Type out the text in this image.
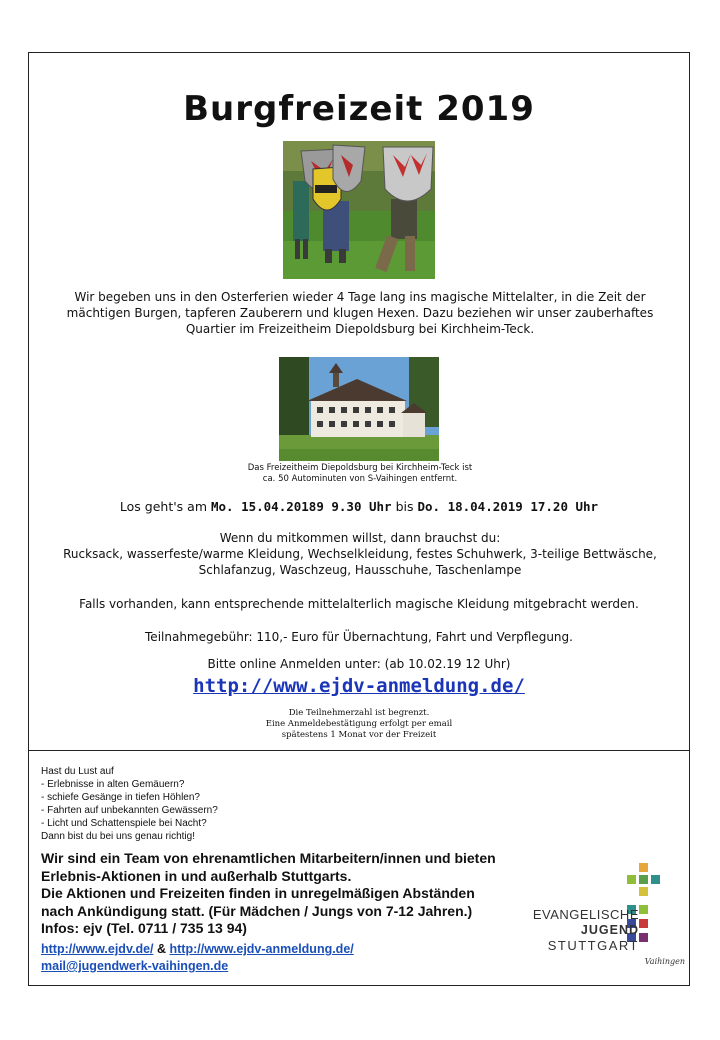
Burgfreizeit 2019
Wir begeben uns in den Osterferien wieder 4 Tage lang ins magische Mittelalter, in die Zeit der
mächtigen Burgen, tapferen Zauberern und klugen Hexen. Dazu beziehen wir unser zauberhaftes
Quartier im Freizeitheim Diepoldsburg bei Kirchheim-Teck.
Das Freizeitheim Diepoldsburg bei Kirchheim-Teck ist
ca. 50 Autominuten von S-Vaihingen entfernt.
Los geht's am Mo. 15.04.20189 9.30 Uhr bis Do. 18.04.2019 17.20 Uhr
Wenn du mitkommen willst, dann brauchst du:
Rucksack, wasserfeste/warme Kleidung, Wechselkleidung, festes Schuhwerk, 3-teilige Bettwäsche,
Schlafanzug, Waschzeug, Hausschuhe, Taschenlampe
Falls vorhanden, kann entsprechende mittelalterlich magische Kleidung mitgebracht werden.
Teilnahmegebühr: 110,- Euro für Übernachtung, Fahrt und Verpflegung.
Bitte online Anmelden unter: (ab 10.02.19 12 Uhr)
http://www.ejdv-anmeldung.de/
Die Teilnehmerzahl ist begrenzt.
Eine Anmeldebestätigung erfolgt per email
spätestens 1 Monat vor der Freizeit
Hast du Lust auf
- Erlebnisse in alten Gemäuern?
- schiefe Gesänge in tiefen Höhlen?
- Fahrten auf unbekannten Gewässern?
- Licht und Schattenspiele bei Nacht?
Dann bist du bei uns genau richtig!
Wir sind ein Team von ehrenamtlichen Mitarbeitern/innen und bieten
Erlebnis-Aktionen in und außerhalb Stuttgarts.
Die Aktionen und Freizeiten finden in unregelmäßigen Abständen
nach Ankündigung statt. (Für Mädchen / Jungs von 7-12 Jahren.)
Infos: ejv (Tel. 0711 / 735 13 94)
http://www.ejdv.de/ & http://www.ejdv-anmeldung.de/
mail@jugendwerk-vaihingen.de
EVANGELISCHE
JUGEND
STUTTGART
Vaihingen
